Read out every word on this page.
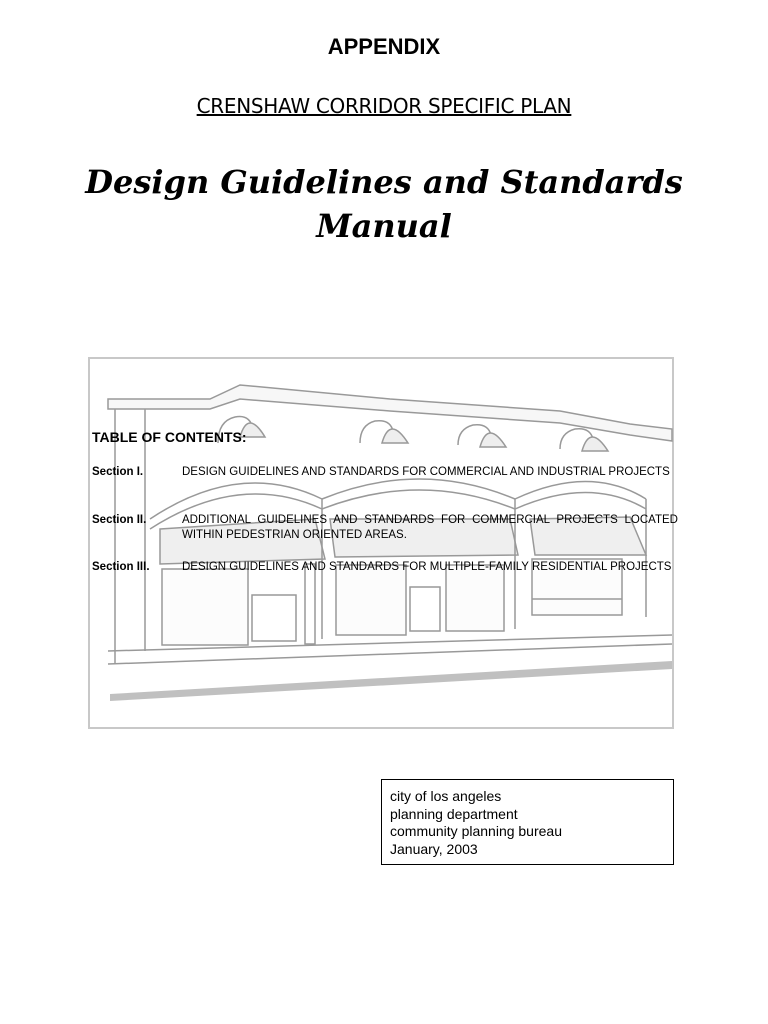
APPENDIX
CRENSHAW CORRIDOR SPECIFIC PLAN
Design Guidelines and Standards
Manual
TABLE OF CONTENTS:
Section I.	DESIGN GUIDELINES AND STANDARDS FOR COMMERCIAL AND INDUSTRIAL PROJECTS
Section II.	ADDITIONAL GUIDELINES AND STANDARDS FOR COMMERCIAL PROJECTS LOCATED WITHIN PEDESTRIAN ORIENTED AREAS.
Section III.	DESIGN GUIDELINES AND STANDARDS FOR MULTIPLE-FAMILY RESIDENTIAL PROJECTS
city of los angeles
planning department
community planning bureau
January, 2003
